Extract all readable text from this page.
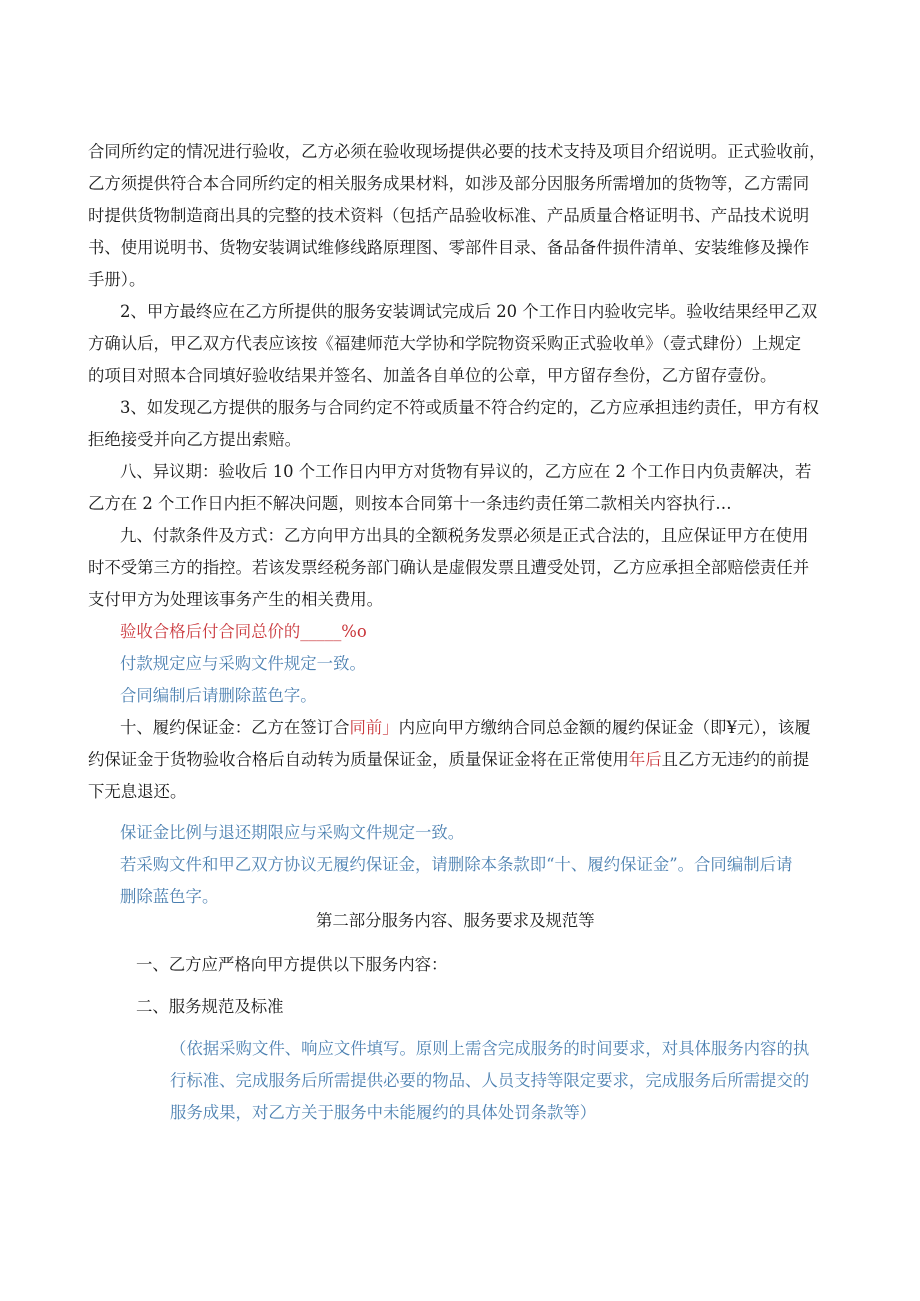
合同所约定的情况进行验收，乙方必须在验收现场提供必要的技术支持及项目介绍说明。正式验收前，
乙方须提供符合本合同所约定的相关服务成果材料，如涉及部分因服务所需增加的货物等，乙方需同
时提供货物制造商出具的完整的技术资料（包括产品验收标准、产品质量合格证明书、产品技术说明
书、使用说明书、货物安装调试维修线路原理图、零部件目录、备品备件损件清单、安装维修及操作
手册）。
2、甲方最终应在乙方所提供的服务安装调试完成后 20 个工作日内验收完毕。验收结果经甲乙双
方确认后，甲乙双方代表应该按《福建师范大学协和学院物资采购正式验收单》（壹式肆份）上规定
的项目对照本合同填好验收结果并签名、加盖各自单位的公章，甲方留存叁份，乙方留存壹份。
3、如发现乙方提供的服务与合同约定不符或质量不符合约定的，乙方应承担违约责任，甲方有权
拒绝接受并向乙方提出索赔。
八、异议期：验收后 10 个工作日内甲方对货物有异议的，乙方应在 2 个工作日内负责解决，若
乙方在 2 个工作日内拒不解决问题，则按本合同第十一条违约责任第二款相关内容执行…
九、付款条件及方式：乙方向甲方出具的全额税务发票必须是正式合法的，且应保证甲方在使用
时不受第三方的指控。若该发票经税务部门确认是虚假发票且遭受处罚，乙方应承担全部赔偿责任并
支付甲方为处理该事务产生的相关费用。
验收合格后付合同总价的_____%o
付款规定应与采购文件规定一致。
合同编制后请删除蓝色字。
十、履约保证金：乙方在签订合同前」内应向甲方缴纳合同总金额的履约保证金（即¥元），该履
约保证金于货物验收合格后自动转为质量保证金，质量保证金将在正常使用年后且乙方无违约的前提
下无息退还。
保证金比例与退还期限应与采购文件规定一致。
若采购文件和甲乙双方协议无履约保证金，请删除本条款即“十、履约保证金”。合同编制后请
删除蓝色字。
第二部分服务内容、服务要求及规范等
一、乙方应严格向甲方提供以下服务内容：
二、服务规范及标准
（依据采购文件、响应文件填写。原则上需含完成服务的时间要求，对具体服务内容的执
行标准、完成服务后所需提供必要的物品、人员支持等限定要求，完成服务后所需提交的
服务成果，对乙方关于服务中未能履约的具体处罚条款等）
